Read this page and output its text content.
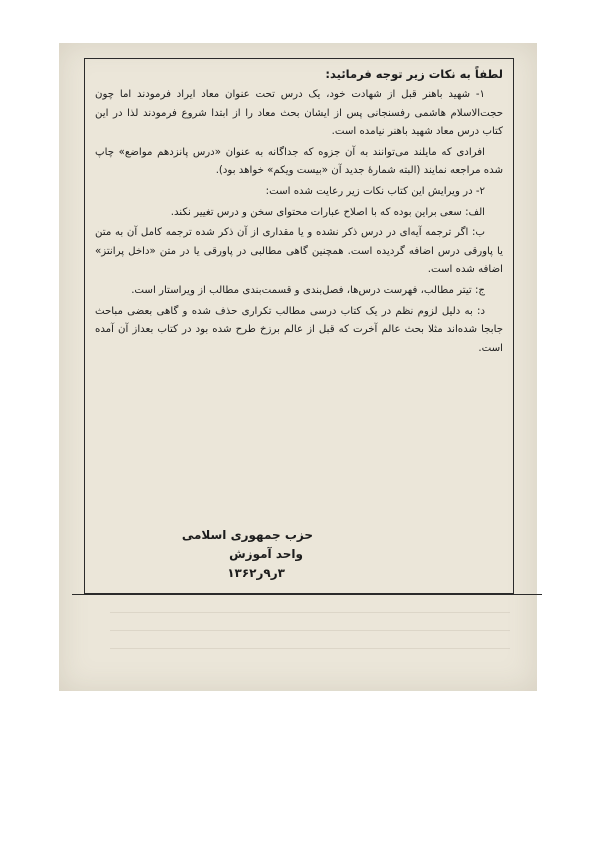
لطفاً به نکات زیر توجه فرمائید:

۱- شهید باهنر قبل از شهادت خود، یک درس تحت عنوان معاد ایراد فرمودند اما چون حجت‌الاسلام هاشمی رفسنجانی پس از ایشان بحث معاد را از ابتدا شروع فرمودند لذا در این کتاب درس معاد شهید باهنر نیامده است.

افرادی که مایلند می‌توانند به آن جزوه که جداگانه به عنوان «درس پانزدهم مواضع» چاپ شده مراجعه نمایند (البته شمارهٔ جدید آن «بیست ویکم» خواهد بود).

۲- در ویرایش این کتاب نکات زیر رعایت شده است:

الف: سعی براین بوده که با اصلاح عبارات محتوای سخن و درس تغییر نکند.

ب: اگر ترجمه آیه‌ای در درس ذکر نشده و یا مقداری از آن ذکر شده ترجمه کامل آن به متن یا پاورقی درس اضافه گردیده است. همچنین گاهی مطالبی در پاورقی یا در متن «داخل پرانتز» اضافه شده است.

ج: تیتر مطالب، فهرست درس‌ها، فصل‌بندی و قسمت‌بندی مطالب از ویراستار است.

د: به دلیل لزوم نظم در یک کتاب درسی مطالب تکراری حذف شده و گاهی بعضی مباحث جابجا شده‌اند مثلا بحث عالم آخرت که قبل از عالم برزخ طرح شده بود در کتاب بعداز آن آمده است.

حزب جمهوری اسلامی
واحد آموزش
۳ر۹ر۱۳۶۲
